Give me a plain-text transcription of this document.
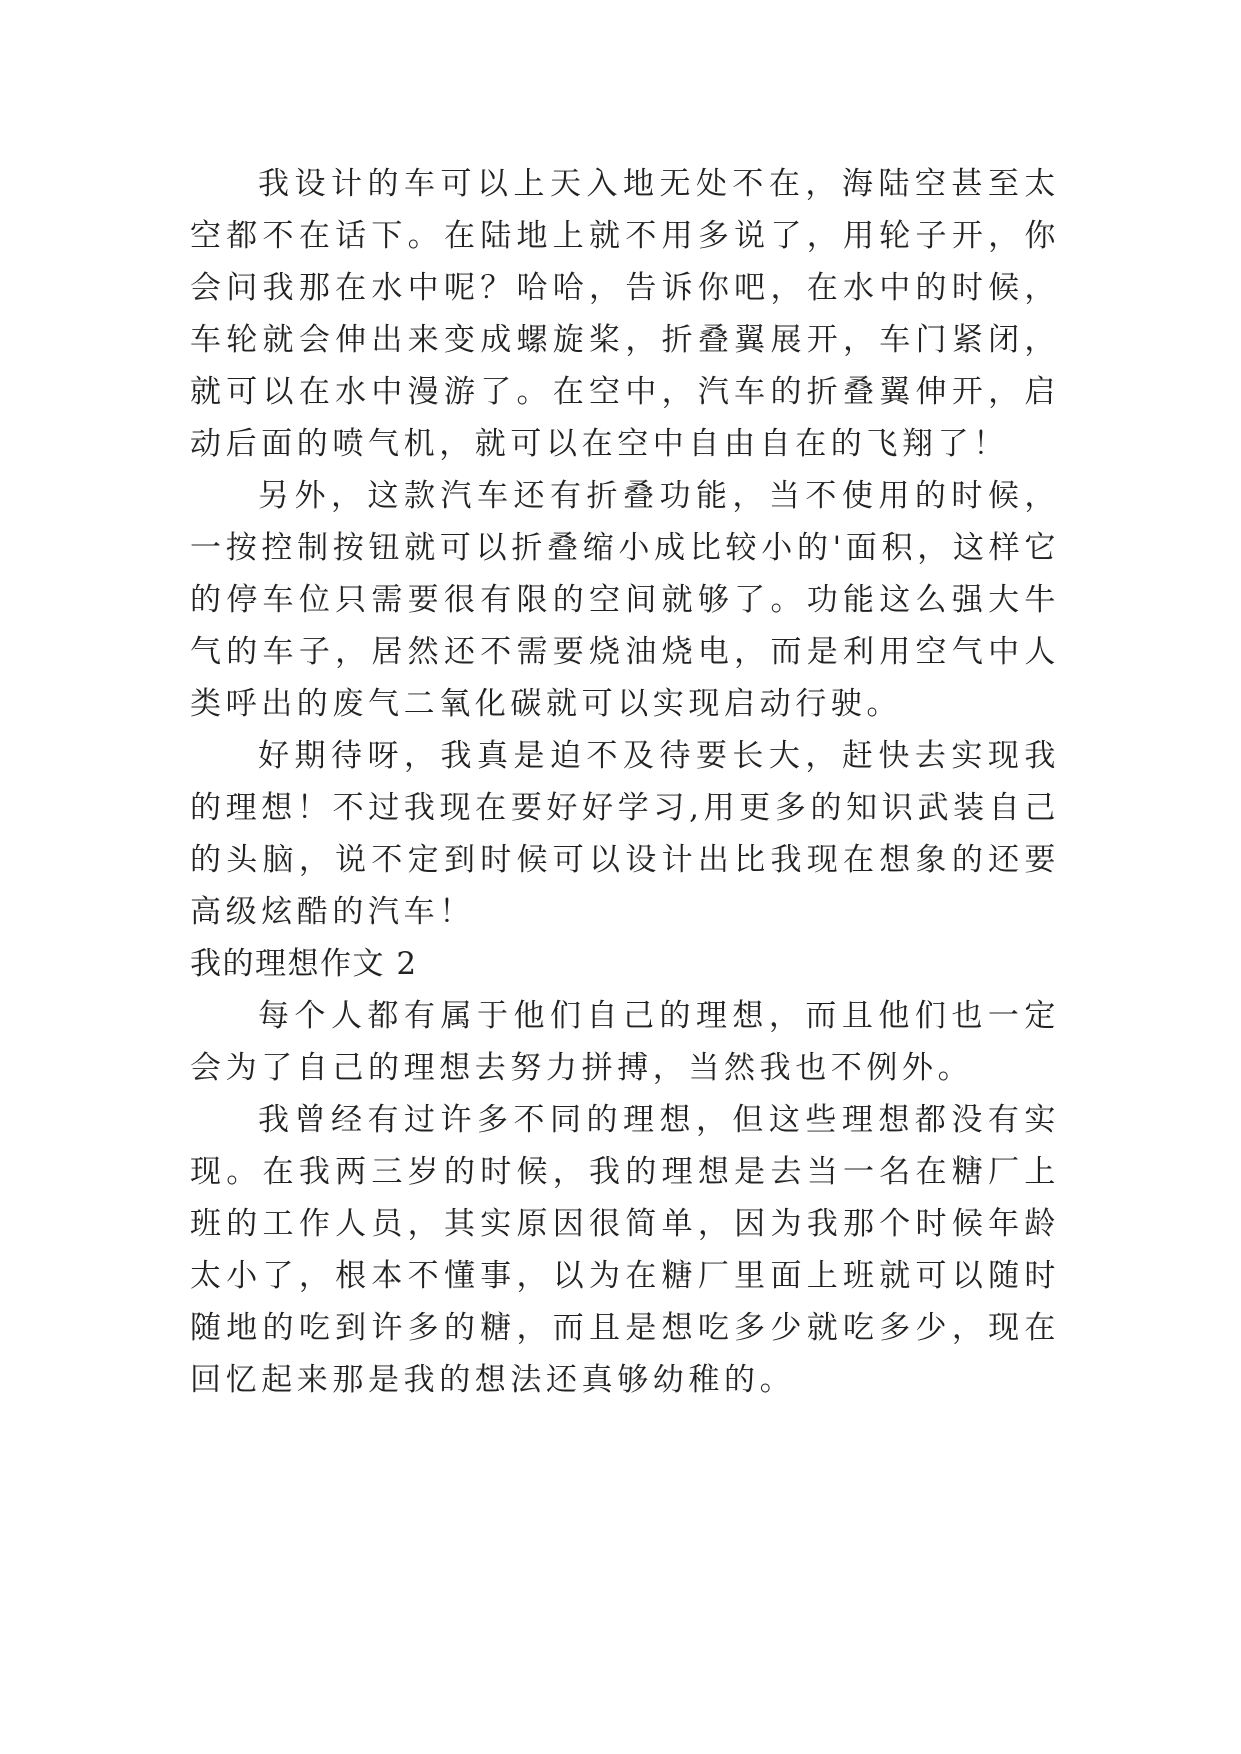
我设计的车可以上天入地无处不在，海陆空甚至太空都不在话下。在陆地上就不用多说了，用轮子开，你会问我那在水中呢？哈哈，告诉你吧，在水中的时候，车轮就会伸出来变成螺旋桨，折叠翼展开，车门紧闭，就可以在水中漫游了。在空中，汽车的折叠翼伸开，启动后面的喷气机，就可以在空中自由自在的飞翔了！

另外，这款汽车还有折叠功能，当不使用的时候，一按控制按钮就可以折叠缩小成比较小的'面积，这样它的停车位只需要很有限的空间就够了。功能这么强大牛气的车子，居然还不需要烧油烧电，而是利用空气中人类呼出的废气二氧化碳就可以实现启动行驶。

好期待呀，我真是迫不及待要长大，赶快去实现我的理想！不过我现在要好好学习,用更多的知识武装自己的头脑，说不定到时候可以设计出比我现在想象的还要高级炫酷的汽车！

我的理想作文 2

每个人都有属于他们自己的理想，而且他们也一定会为了自己的理想去努力拼搏，当然我也不例外。

我曾经有过许多不同的理想，但这些理想都没有实现。在我两三岁的时候，我的理想是去当一名在糖厂上班的工作人员，其实原因很简单，因为我那个时候年龄太小了，根本不懂事，以为在糖厂里面上班就可以随时随地的吃到许多的糖，而且是想吃多少就吃多少，现在回忆起来那是我的想法还真够幼稚的。
